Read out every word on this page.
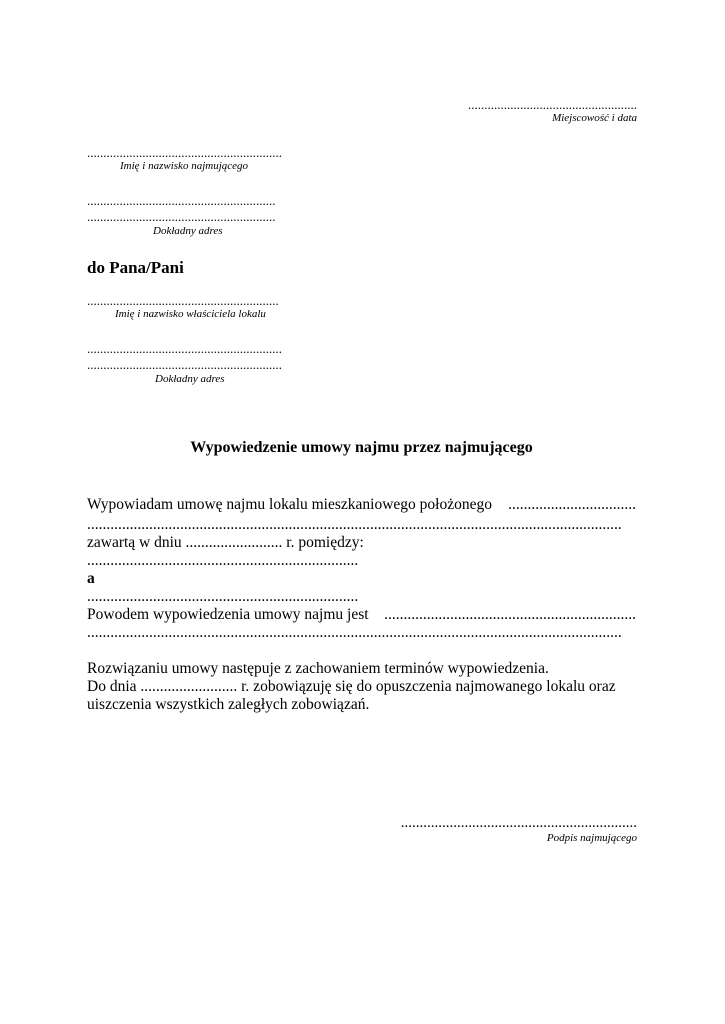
....................................................
Miejscowość i data
............................................................
Imię i nazwisko najmującego
..........................................................
..........................................................
Dokładny adres
do Pana/Pani
...........................................................
Imię i nazwisko właściciela lokalu
............................................................
............................................................
Dokładny adres
Wypowiedzenie umowy najmu przez najmującego
Wypowiadam umowę najmu lokalu mieszkaniowego położonego .................................
..........................................................................................................................................
zawartą w dniu ......................... r. pomiędzy:
......................................................................
a
......................................................................
Powodem wypowiedzenia umowy najmu jest .................................................................
..........................................................................................................................................
Rozwiązaniu umowy następuje z zachowaniem terminów wypowiedzenia.
Do dnia ......................... r. zobowiązuję się do opuszczenia najmowanego lokalu oraz
uiszczenia wszystkich zaległych zobowiązań.
...............................................................
Podpis najmującego
